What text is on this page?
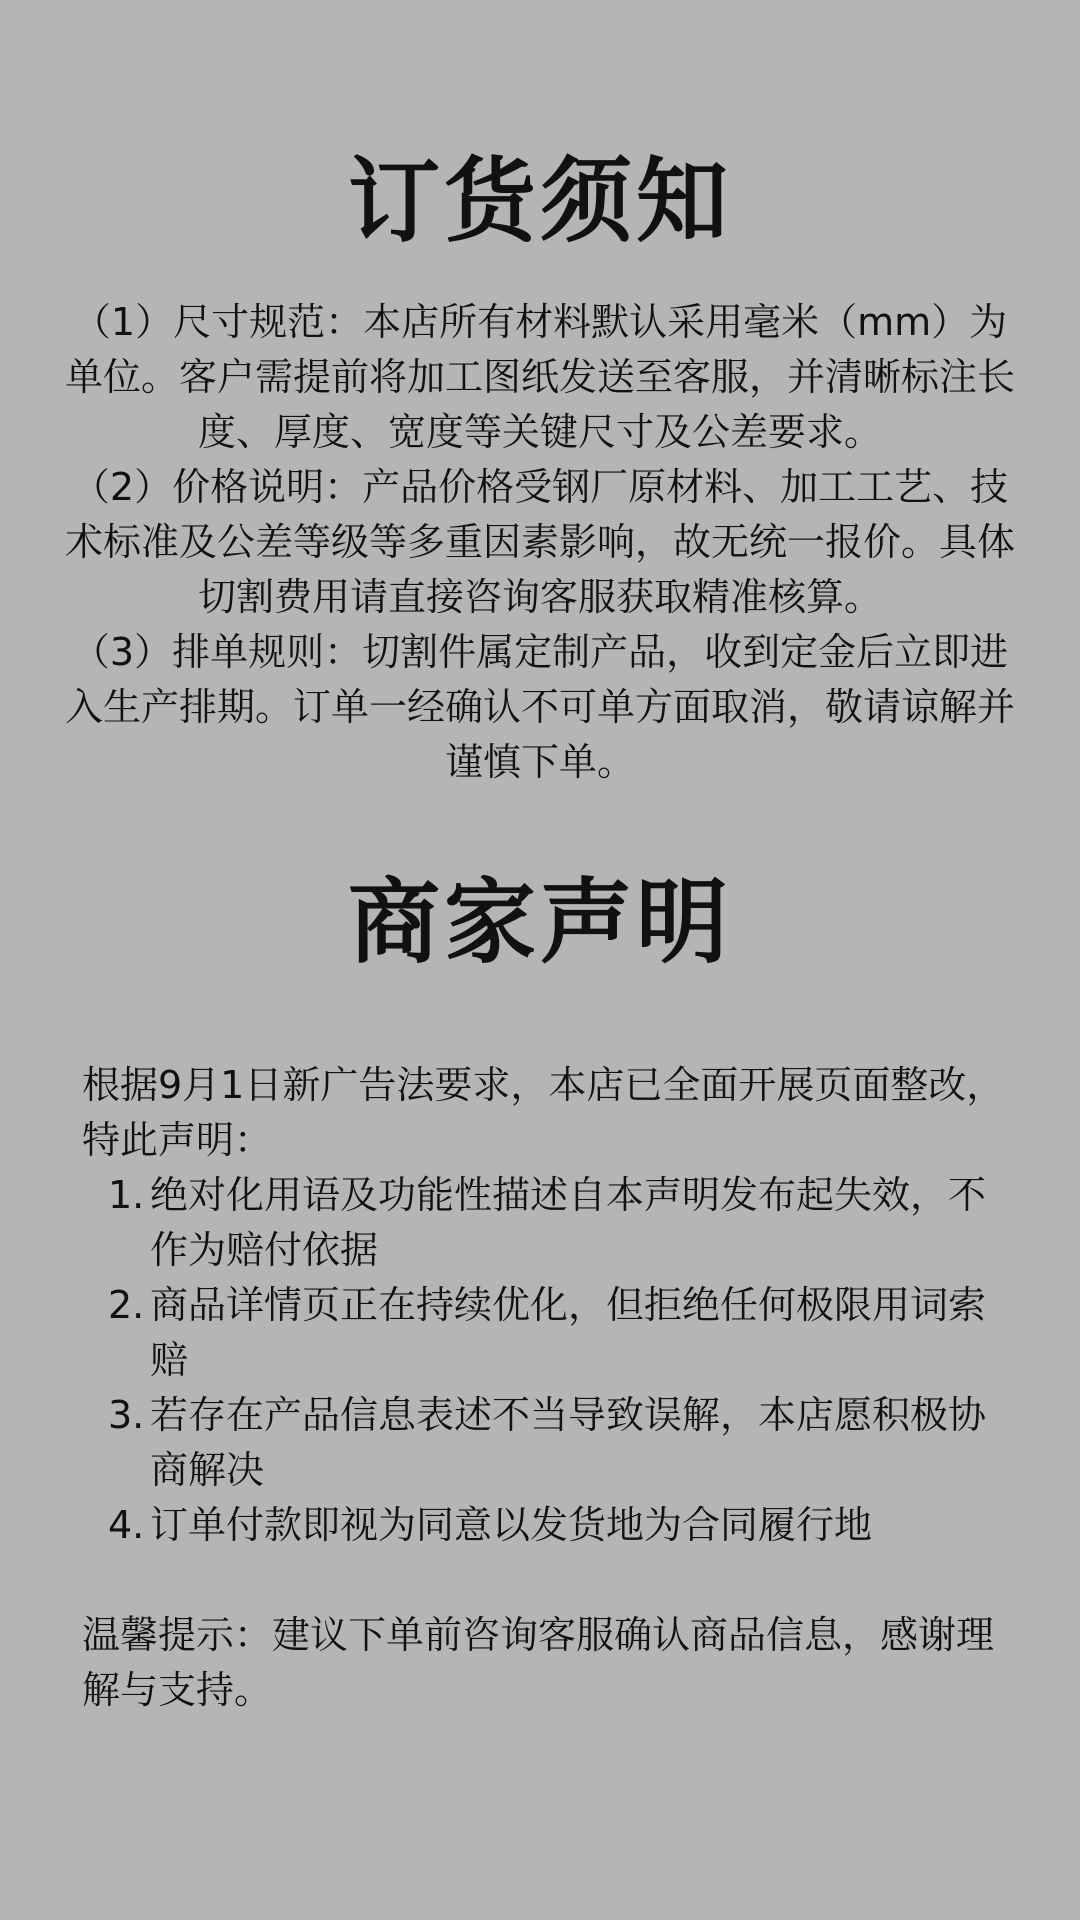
订货须知

（1）尺寸规范：本店所有材料默认采用毫米（mm）为单位。客户需提前将加工图纸发送至客服，并清晰标注长度、厚度、宽度等关键尺寸及公差要求。

（2）价格说明：产品价格受钢厂原材料、加工工艺、技术标准及公差等级等多重因素影响，故无统一报价。具体切割费用请直接咨询客服获取精准核算。

（3）排单规则：切割件属定制产品，收到定金后立即进入生产排期。订单一经确认不可单方面取消，敬请谅解并谨慎下单。

商家声明

根据9月1日新广告法要求，本店已全面开展页面整改，特此声明：

1. 绝对化用语及功能性描述自本声明发布起失效，不作为赔付依据
2. 商品详情页正在持续优化，但拒绝任何极限用词索赔
3. 若存在产品信息表述不当导致误解，本店愿积极协商解决
4. 订单付款即视为同意以发货地为合同履行地

温馨提示：建议下单前咨询客服确认商品信息，感谢理解与支持。
